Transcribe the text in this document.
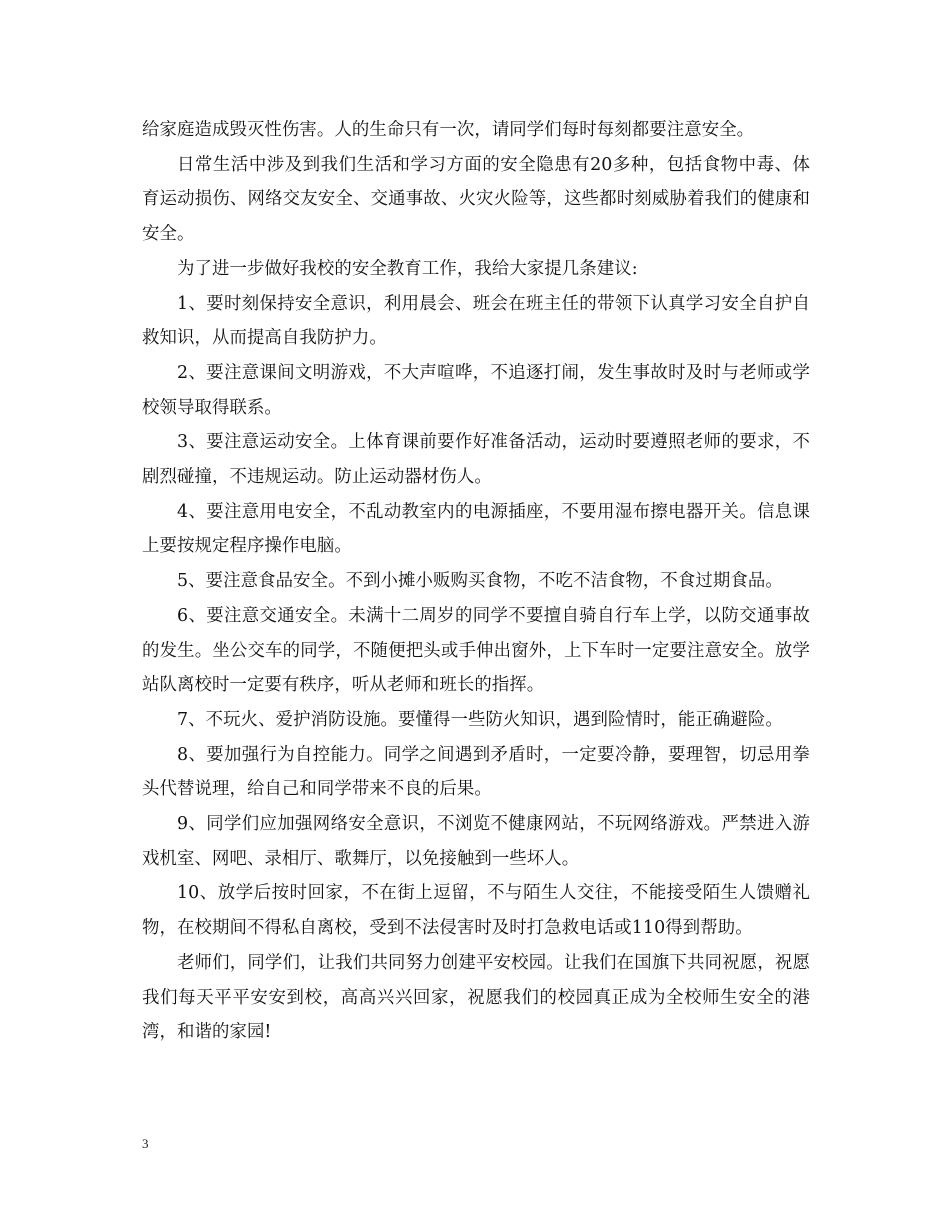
给家庭造成毁灭性伤害。人的生命只有一次，请同学们每时每刻都要注意安全。

日常生活中涉及到我们生活和学习方面的安全隐患有20多种，包括食物中毒、体育运动损伤、网络交友安全、交通事故、火灾火险等，这些都时刻威胁着我们的健康和安全。

为了进一步做好我校的安全教育工作，我给大家提几条建议:

1、要时刻保持安全意识，利用晨会、班会在班主任的带领下认真学习安全自护自救知识，从而提高自我防护力。

2、要注意课间文明游戏，不大声喧哗，不追逐打闹，发生事故时及时与老师或学校领导取得联系。

3、要注意运动安全。上体育课前要作好准备活动，运动时要遵照老师的要求，不剧烈碰撞，不违规运动。防止运动器材伤人。

4、要注意用电安全，不乱动教室内的电源插座，不要用湿布擦电器开关。信息课上要按规定程序操作电脑。

5、要注意食品安全。不到小摊小贩购买食物，不吃不洁食物，不食过期食品。

6、要注意交通安全。未满十二周岁的同学不要擅自骑自行车上学，以防交通事故的发生。坐公交车的同学，不随便把头或手伸出窗外，上下车时一定要注意安全。放学站队离校时一定要有秩序，听从老师和班长的指挥。

7、不玩火、爱护消防设施。要懂得一些防火知识，遇到险情时，能正确避险。

8、要加强行为自控能力。同学之间遇到矛盾时，一定要冷静，要理智，切忌用拳头代替说理，给自己和同学带来不良的后果。

9、同学们应加强网络安全意识，不浏览不健康网站，不玩网络游戏。严禁进入游戏机室、网吧、录相厅、歌舞厅，以免接触到一些坏人。

10、放学后按时回家，不在街上逗留，不与陌生人交往，不能接受陌生人馈赠礼物，在校期间不得私自离校，受到不法侵害时及时打急救电话或110得到帮助。

老师们，同学们，让我们共同努力创建平安校园。让我们在国旗下共同祝愿，祝愿我们每天平平安安到校，高高兴兴回家，祝愿我们的校园真正成为全校师生安全的港湾，和谐的家园!

3
